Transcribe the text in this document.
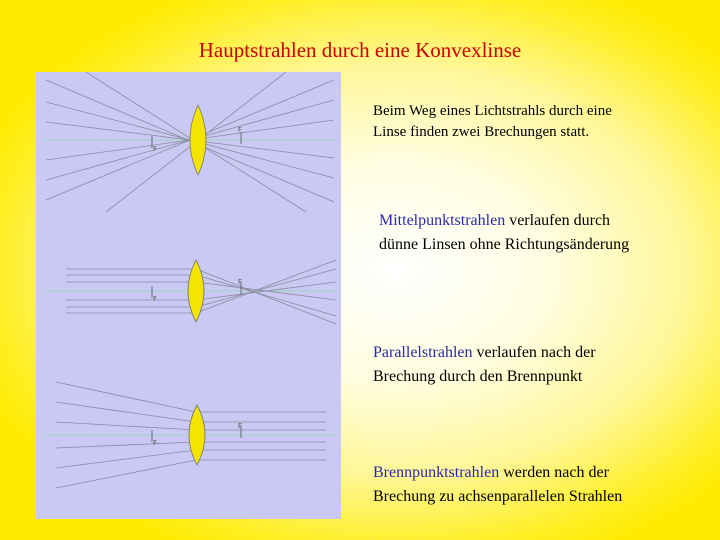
Hauptstrahlen durch eine Konvexlinse
F
F
F
F
F
F
Beim Weg eines Lichtstrahls durch eine
Linse finden zwei Brechungen statt.
Mittelpunktstrahlen verlaufen durch
dünne Linsen ohne Richtungsänderung
Parallelstrahlen verlaufen nach der
Brechung durch den Brennpunkt
Brennpunktstrahlen werden nach der
Brechung zu achsenparallelen Strahlen
